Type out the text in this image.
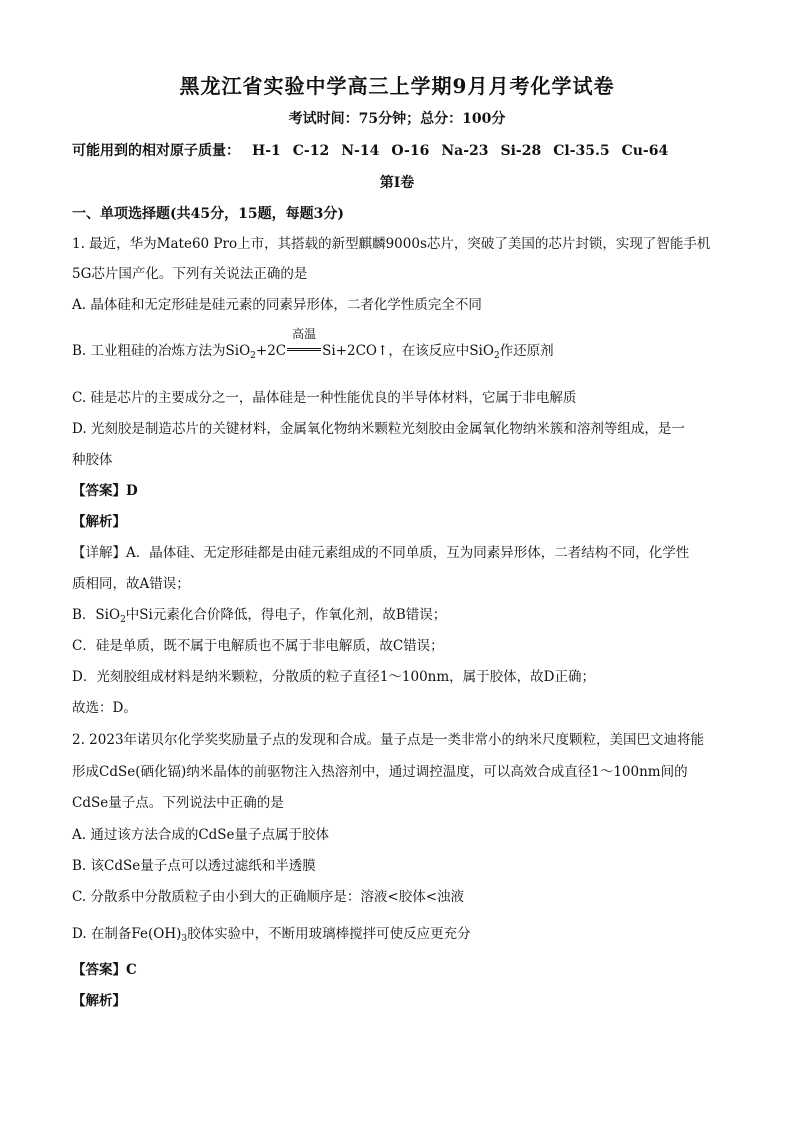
黑龙江省实验中学高三上学期9月月考化学试卷
考试时间：75分钟；总分：100分
可能用到的相对原子质量： H-1 C-12 N-14 O-16 Na-23 Si-28 Cl-35.5 Cu-64
第I卷
一、单项选择题(共45分，15题，每题3分)
1. 最近，华为Mate60 Pro上市，其搭载的新型麒麟9000s芯片，突破了美国的芯片封锁，实现了智能手机
5G芯片国产化。下列有关说法正确的是
A. 晶体硅和无定形硅是硅元素的同素异形体，二者化学性质完全不同
B. 工业粗硅的冶炼方法为SiO$_2$+2C
高温
Si+2CO↑，在该反应中SiO$_2$作还原剂
C. 硅是芯片的主要成分之一，晶体硅是一种性能优良的半导体材料，它属于非电解质
D. 光刻胶是制造芯片的关键材料，金属氧化物纳米颗粒光刻胶由金属氧化物纳米簇和溶剂等组成，是一
种胶体
【答案】D
【解析】
【详解】A．晶体硅、无定形硅都是由硅元素组成的不同单质，互为同素异形体，二者结构不同，化学性
质相同，故A错误；
B．SiO$_2$中Si元素化合价降低，得电子，作氧化剂，故B错误；
C．硅是单质，既不属于电解质也不属于非电解质，故C错误；
D．光刻胶组成材料是纳米颗粒，分散质的粒子直径1～100nm，属于胶体，故D正确；
故选：D。
2. 2023年诺贝尔化学奖奖励量子点的发现和合成。量子点是一类非常小的纳米尺度颗粒，美国巴文迪将能
形成CdSe(硒化镉)纳米晶体的前驱物注入热溶剂中，通过调控温度，可以高效合成直径1～100nm间的
CdSe量子点。下列说法中正确的是
A. 通过该方法合成的CdSe量子点属于胶体
B. 该CdSe量子点可以透过滤纸和半透膜
C. 分散系中分散质粒子由小到大的正确顺序是：溶液<胶体<浊液
D. 在制备$Fe(OH)_3$胶体实验中，不断用玻璃棒搅拌可使反应更充分
【答案】C
【解析】
